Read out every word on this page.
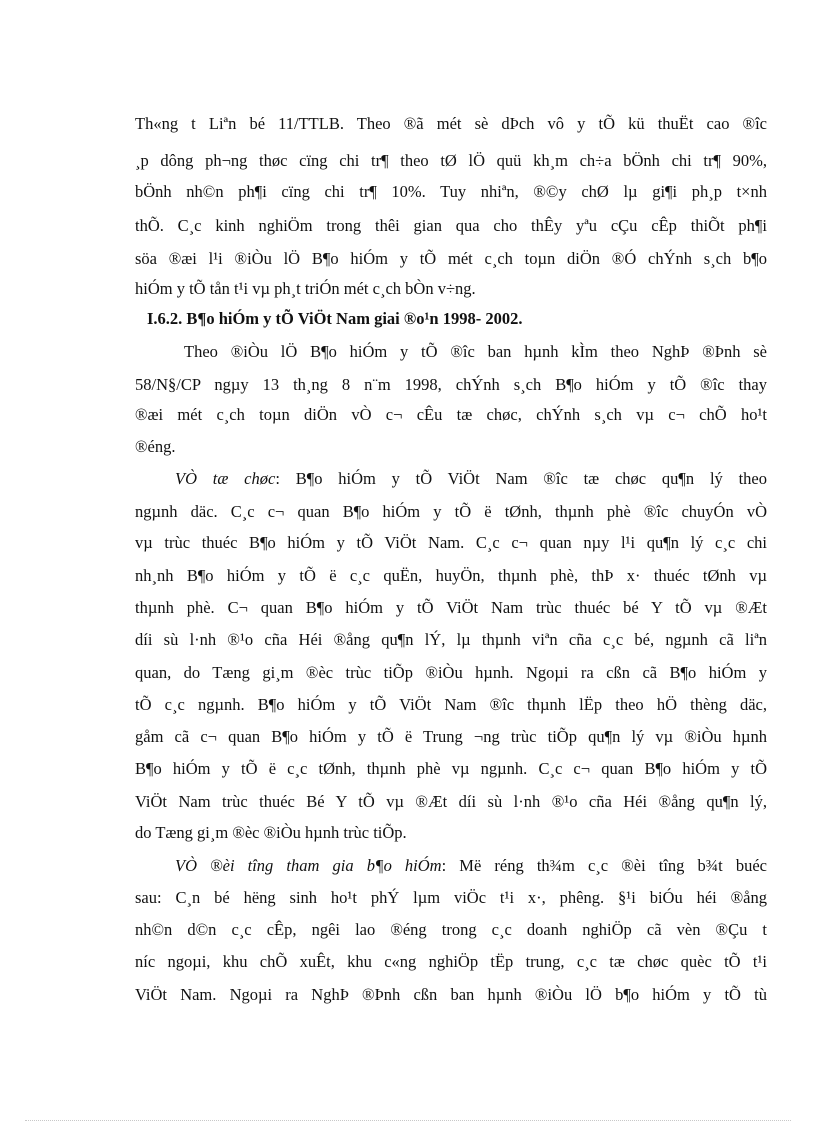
Th«ng t Liªn bé 11/TTLB. Theo ®ã mét sè dÞch vô y tÕ kü thuËt cao ®îc
¸p dông ph¬ng thøc cïng chi tr¶ theo tØ lÖ quü kh¸m ch÷a bÖnh chi tr¶ 90%,
bÖnh nh©n ph¶i cïng chi tr¶ 10%. Tuy nhiªn, ®©y chØ lµ gi¶i ph¸p t×nh
thÕ. C¸c kinh nghiÖm trong thêi gian qua cho thÊy yªu cÇu cÊp thiÕt ph¶i
söa ®æi l¹i ®iÒu lÖ B¶o hiÓm y tÕ mét c¸ch toµn diÖn ®Ó chÝnh s¸ch b¶o
hiÓm y tÕ tån t¹i vµ ph¸t triÓn mét c¸ch bÒn v÷ng.
I.6.2. B¶o hiÓm y tÕ ViÖt Nam giai ®o¹n 1998- 2002.
Theo ®iÒu lÖ B¶o hiÓm y tÕ ®îc ban hµnh kÌm theo NghÞ ®Þnh sè
58/N§/CP ngµy 13 th¸ng 8 n¨m 1998, chÝnh s¸ch B¶o hiÓm y tÕ ®îc thay
®æi mét c¸ch toµn diÖn vÒ c¬ cÊu tæ chøc, chÝnh s¸ch vµ c¬ chÕ ho¹t
®éng.
VÒ tæ chøc: B¶o hiÓm y tÕ ViÖt Nam ®îc tæ chøc qu¶n lý theo
ngµnh däc. C¸c c¬ quan B¶o hiÓm y tÕ ë tØnh, thµnh phè ®îc chuyÓn vÒ
vµ trùc thuéc B¶o hiÓm y tÕ ViÖt Nam. C¸c c¬ quan nµy l¹i qu¶n lý c¸c chi
nh¸nh B¶o hiÓm y tÕ ë c¸c quËn, huyÖn, thµnh phè, thÞ x· thuéc tØnh vµ
thµnh phè. C¬ quan B¶o hiÓm y tÕ ViÖt Nam trùc thuéc bé Y tÕ vµ ®Æt
díi sù l·nh ®¹o cña Héi ®ång qu¶n lÝ, lµ thµnh viªn cña c¸c bé, ngµnh cã liªn
quan, do Tæng gi¸m ®èc trùc tiÕp ®iÒu hµnh. Ngoµi ra cßn cã B¶o hiÓm y
tÕ c¸c ngµnh. B¶o hiÓm y tÕ ViÖt Nam ®îc thµnh lËp theo hÖ thèng däc,
gåm cã c¬ quan B¶o hiÓm y tÕ ë Trung ¬ng trùc tiÕp qu¶n lý vµ ®iÒu hµnh
B¶o hiÓm y tÕ ë c¸c tØnh, thµnh phè vµ ngµnh. C¸c c¬ quan B¶o hiÓm y tÕ
ViÖt Nam trùc thuéc Bé Y tÕ vµ ®Æt díi sù l·nh ®¹o cña Héi ®ång qu¶n lý,
do Tæng gi¸m ®èc ®iÒu hµnh trùc tiÕp.
VÒ ®èi tîng tham gia b¶o hiÓm: Më réng th¾m c¸c ®èi tîng b¾t buéc
sau: C¸n bé hëng sinh ho¹t phÝ lµm viÖc t¹i x·, phêng. §¹i biÓu héi ®ång
nh©n d©n c¸c cÊp, ngêi lao ®éng trong c¸c doanh nghiÖp cã vèn ®Çu t
níc ngoµi, khu chÕ xuÊt, khu c«ng nghiÖp tËp trung, c¸c tæ chøc quèc tÕ t¹i
ViÖt Nam. Ngoµi ra NghÞ ®Þnh cßn ban hµnh ®iÒu lÖ b¶o hiÓm y tÕ tù
